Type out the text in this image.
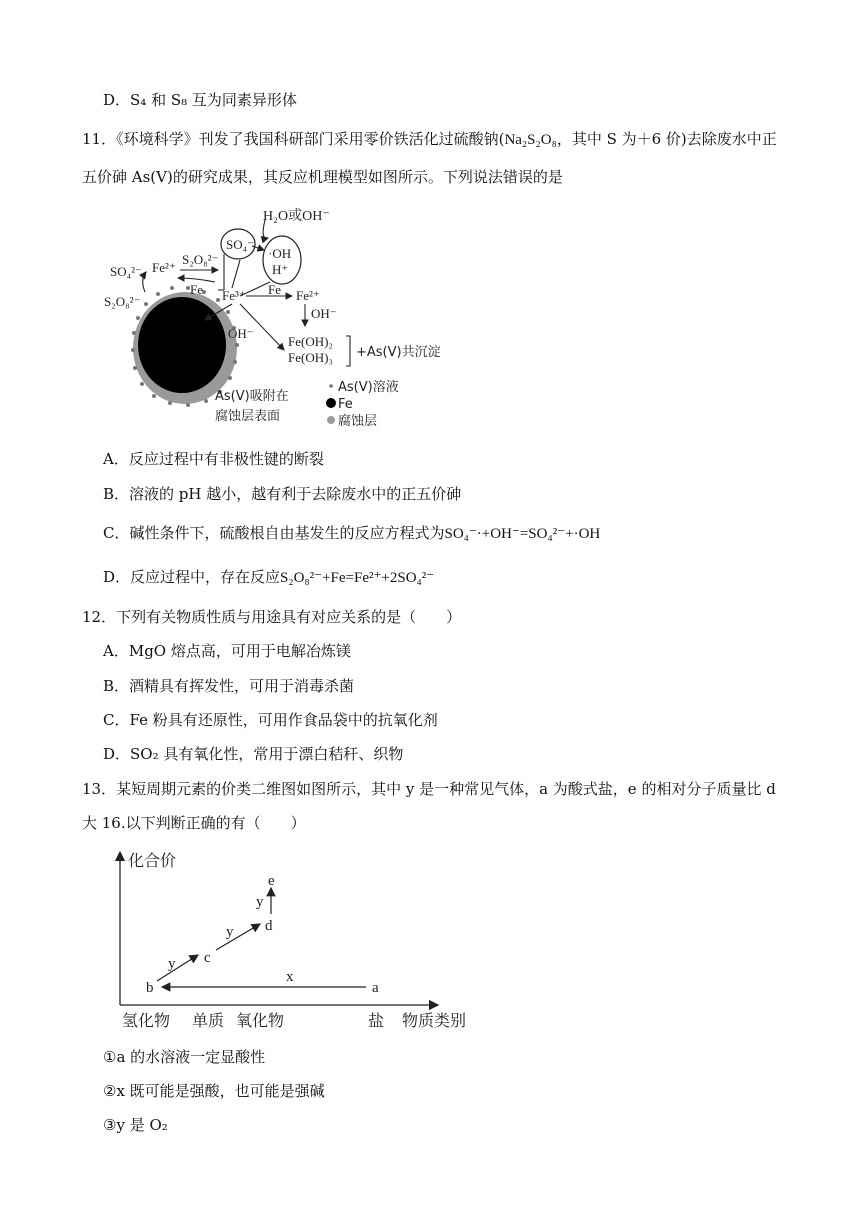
D．S₄ 和 S₈ 互为同素异形体
11．《环境科学》刊发了我国科研部门采用零价铁活化过硫酸钠(Na₂S₂O₈，其中 S 为＋6 价)去除废水中正
五价砷 As(V)的研究成果，其反应机理模型如图所示。下列说法错误的是
H₂O或OH⁻
SO₄⁻
·OH
H⁺
SO₄²⁻ Fe²⁺
S₂O₈²⁻
Fe Fe³⁺ Fe Fe²⁺
S₂O₈²⁻
OH⁻
OH⁻
Fe(OH)₂
Fe(OH)₃ +As(V)共沉淀
As(V)吸附在
腐蚀层表面
As(V)溶液
Fe
腐蚀层
A．反应过程中有非极性键的断裂
B．溶液的 pH 越小，越有利于去除废水中的正五价砷
C．碱性条件下，硫酸根自由基发生的反应方程式为SO₄⁻·+OH⁻=SO₄²⁻+·OH
D．反应过程中，存在反应S₂O₈²⁻+Fe=Fe²⁺+2SO₄²⁻
12．下列有关物质性质与用途具有对应关系的是（　　）
A．MgO 熔点高，可用于电解冶炼镁
B．酒精具有挥发性，可用于消毒杀菌
C．Fe 粉具有还原性，可用作食品袋中的抗氧化剂
D．SO₂ 具有氧化性，常用于漂白秸秆、织物
13．某短周期元素的价类二维图如图所示，其中 y 是一种常见气体，a 为酸式盐，e 的相对分子质量比 d
大 16.以下判断正确的有（　　）
化合价
氢化物 单质 氧化物	盐 物质类别
b
c
d
e
a
y
y
y
x
①a 的水溶液一定显酸性
②x 既可能是强酸，也可能是强碱
③y 是 O₂
